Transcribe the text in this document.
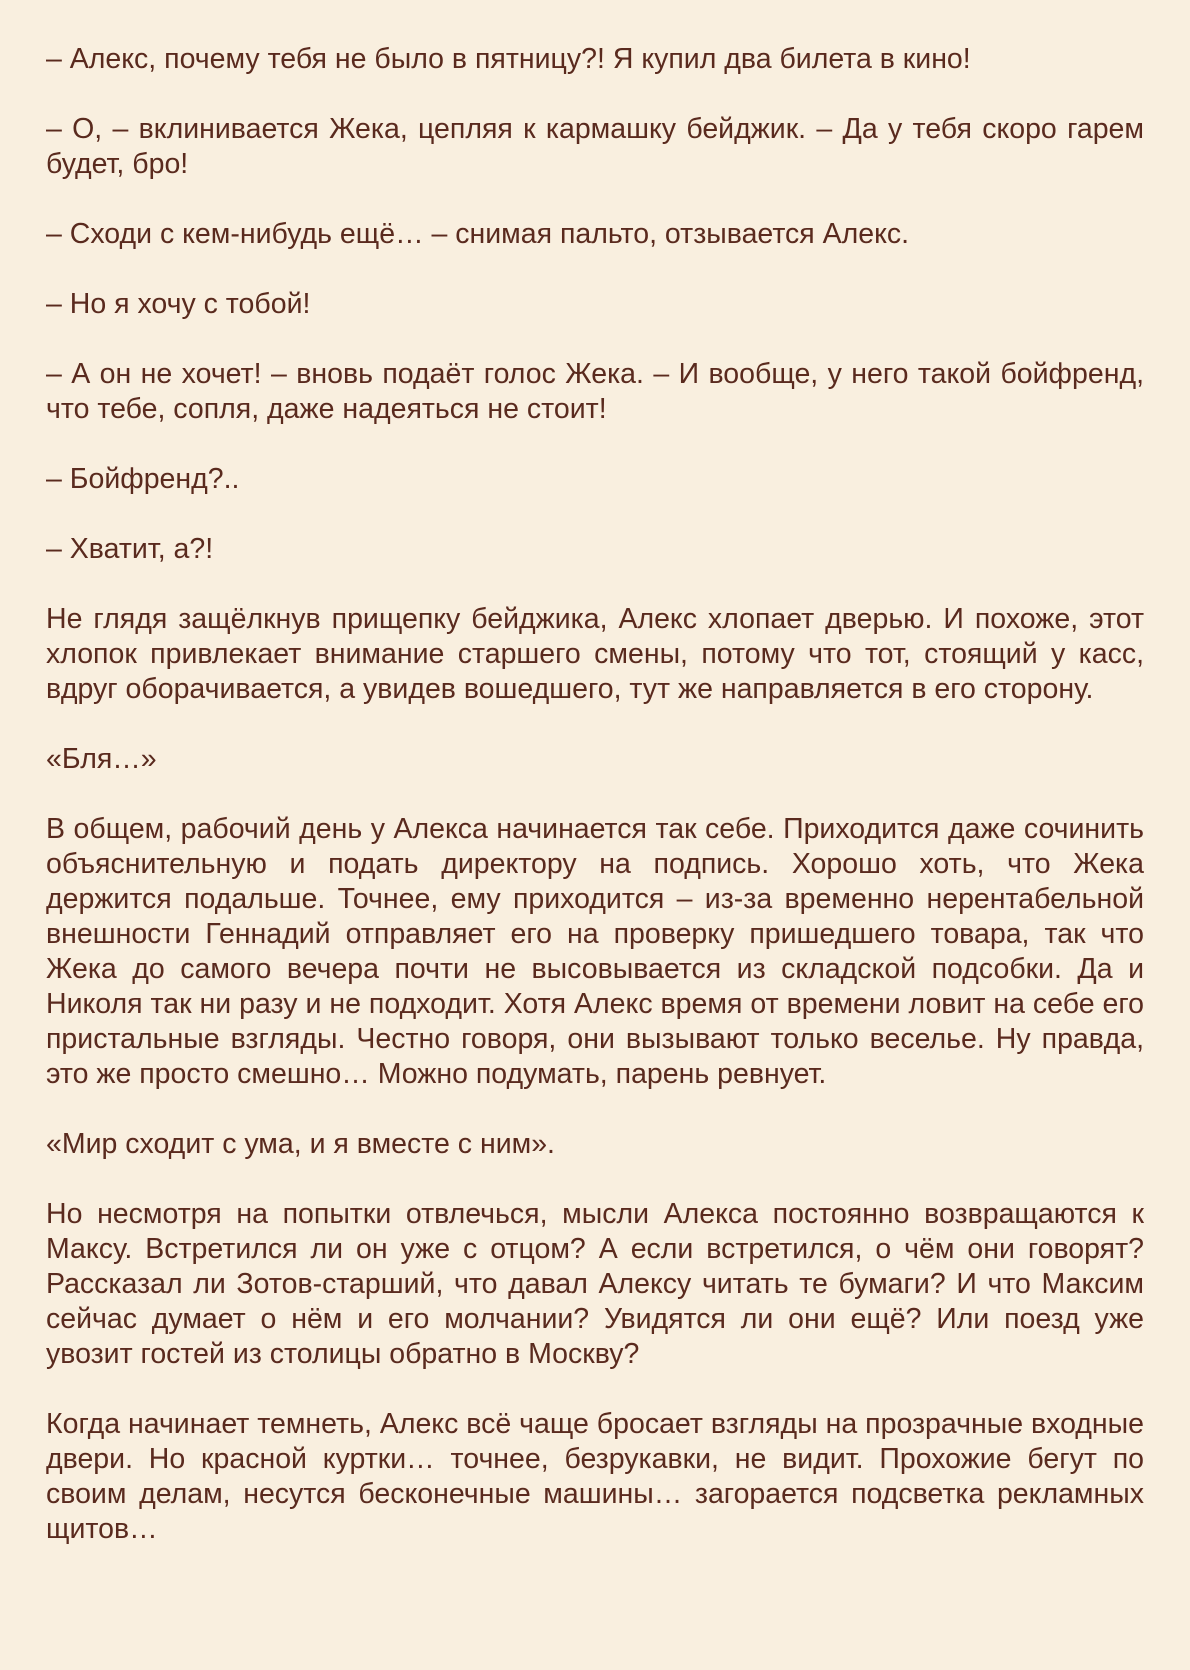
– Алекс, почему тебя не было в пятницу?! Я купил два билета в кино!

– О, – вклинивается Жека, цепляя к кармашку бейджик. – Да у тебя скоро гарем будет, бро!

– Сходи с кем-нибудь ещё… – снимая пальто, отзывается Алекс.

– Но я хочу с тобой!

– А он не хочет! – вновь подаёт голос Жека. – И вообще, у него такой бойфренд, что тебе, сопля, даже надеяться не стоит!

– Бойфренд?..

– Хватит, а?!

Не глядя защёлкнув прищепку бейджика, Алекс хлопает дверью. И похоже, этот хлопок привлекает внимание старшего смены, потому что тот, стоящий у касс, вдруг оборачивается, а увидев вошедшего, тут же направляется в его сторону.

«Бля…»

В общем, рабочий день у Алекса начинается так себе. Приходится даже сочинить объяснительную и подать директору на подпись. Хорошо хоть, что Жека держится подальше. Точнее, ему приходится – из-за временно нерентабельной внешности Геннадий отправляет его на проверку пришедшего товара, так что Жека до самого вечера почти не высовывается из складской подсобки. Да и Николя так ни разу и не подходит. Хотя Алекс время от времени ловит на себе его пристальные взгляды. Честно говоря, они вызывают только веселье. Ну правда, это же просто смешно… Можно подумать, парень ревнует.

«Мир сходит с ума, и я вместе с ним».

Но несмотря на попытки отвлечься, мысли Алекса постоянно возвращаются к Максу. Встретился ли он уже с отцом? А если встретился, о чём они говорят? Рассказал ли Зотов-старший, что давал Алексу читать те бумаги? И что Максим сейчас думает о нём и его молчании? Увидятся ли они ещё? Или поезд уже увозит гостей из столицы обратно в Москву?

Когда начинает темнеть, Алекс всё чаще бросает взгляды на прозрачные входные двери. Но красной куртки… точнее, безрукавки, не видит. Прохожие бегут по своим делам, несутся бесконечные машины… загорается подсветка рекламных щитов…
